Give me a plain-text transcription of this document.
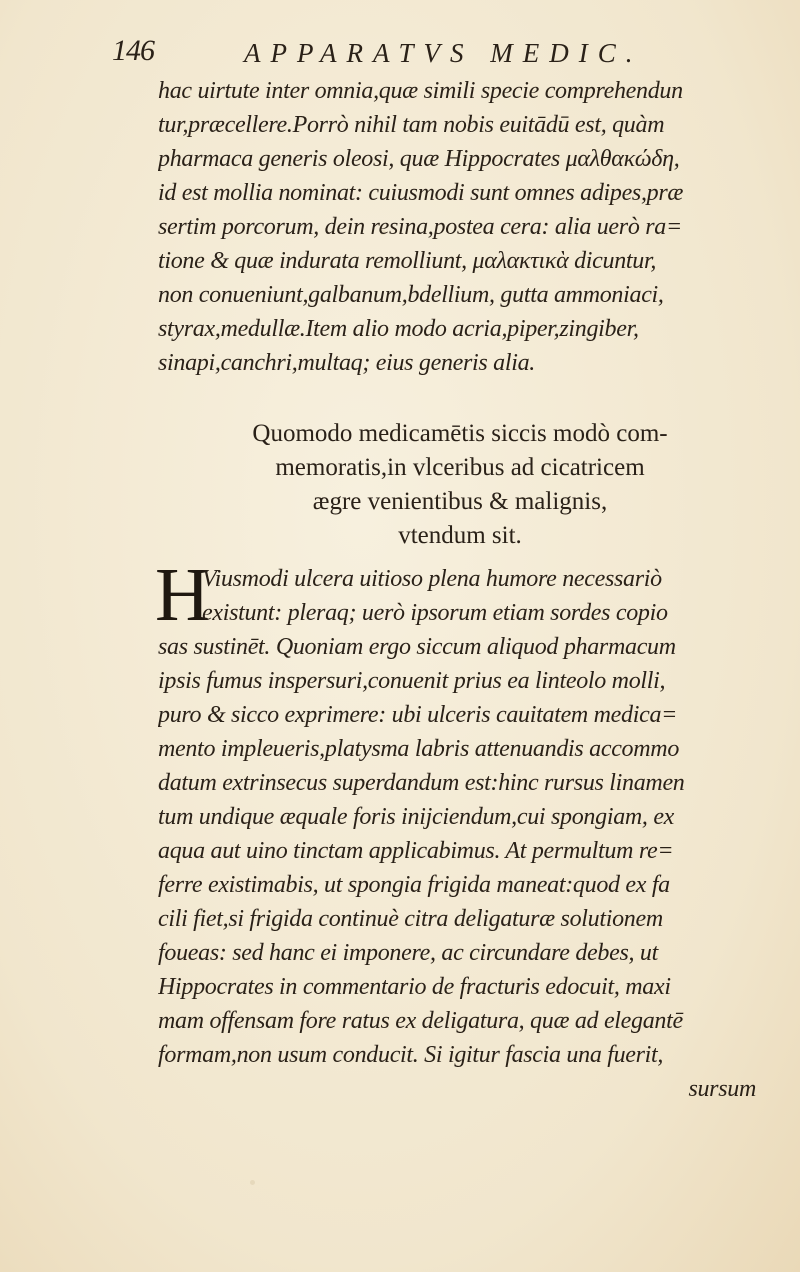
146	APPARATVS MEDIC.
hac uirtute inter omnia,quæ simili specie comprehendun
tur,præcellere.Porrò nihil tam nobis euitādū est, quàm
pharmaca generis oleosi, quæ Hippocrates μαλθακώδη,
id est mollia nominat: cuiusmodi sunt omnes adipes,præ
sertim porcorum, dein resina,postea cera: alia uerò ra=
tione & quæ indurata remolliunt, μαλακτικὰ dicuntur,
non conueniunt,galbanum,bdellium, gutta ammoniaci,
styrax,medullæ.Item alio modo acria,piper,zingiber,
sinapi,canchri,multaq; eius generis alia.
Quomodo medicamētis siccis modò com-
memoratis,in vlceribus ad cicatricem
ægre venientibus & malignis,
vtendum sit.
H
Viusmodi ulcera uitioso plena humore necessariò
existunt: pleraq; uerò ipsorum etiam sordes copio
sas sustinēt. Quoniam ergo siccum aliquod pharmacum
ipsis fumus inspersuri,conuenit prius ea linteolo molli,
puro & sicco exprimere: ubi ulceris cauitatem medica=
mento impleueris,platysma labris attenuandis accommo
datum extrinsecus superdandum est:hinc rursus linamen
tum undique æquale foris inijciendum,cui spongiam, ex
aqua aut uino tinctam applicabimus. At permultum re=
ferre existimabis, ut spongia frigida maneat:quod ex fa
cili fiet,si frigida continuè citra deligaturæ solutionem
foueas: sed hanc ei imponere, ac circundare debes, ut
Hippocrates in commentario de fracturis edocuit, maxi
mam offensam fore ratus ex deligatura, quæ ad elegantē
formam,non usum conducit. Si igitur fascia una fuerit,
sursum
